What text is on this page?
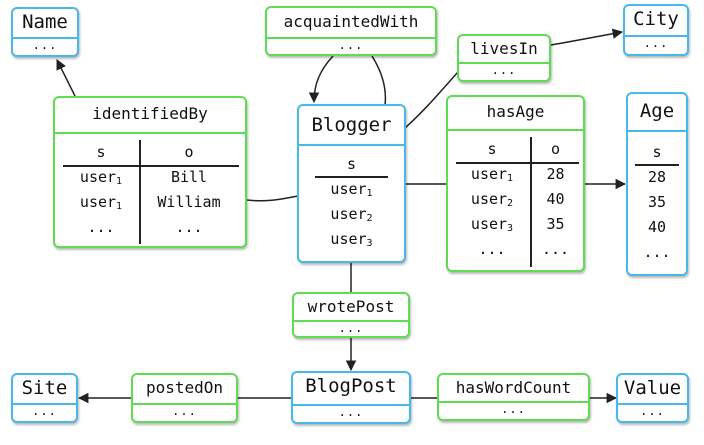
Name
...
acquaintedWith
...
City
...
livesIn
...
identifiedBy
s	o
user$_1$	Bill
user$_1$	William
...	...
Blogger
s
user$_1$
user$_2$
user$_3$
hasAge
s	o
user$_1$	28
user$_2$	40
user$_3$	35
...	...
Age
s
28
35
40
...
wrotePost
...
Site
...
postedOn
...
BlogPost
...
hasWordCount
...
Value
...
